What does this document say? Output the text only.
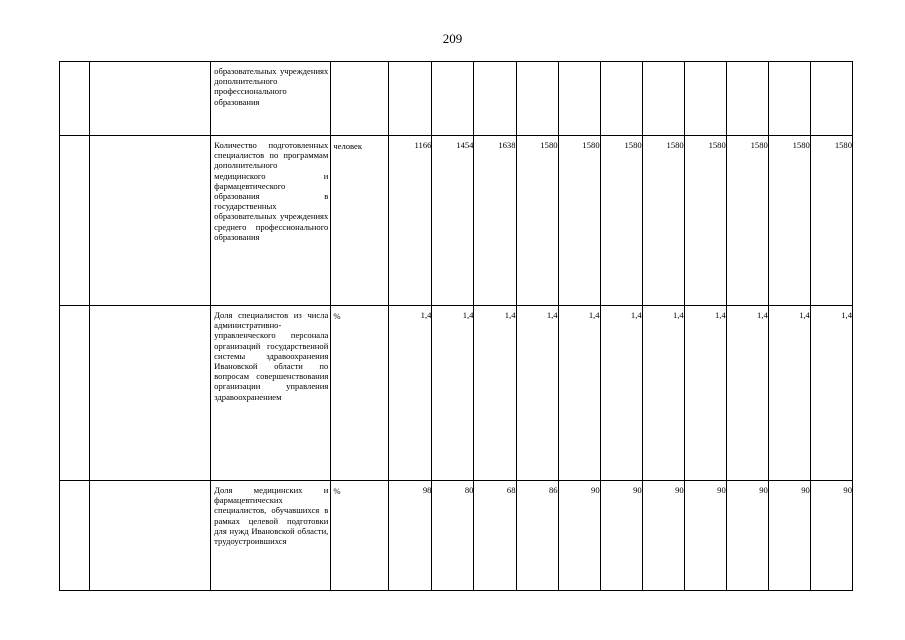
209

		образовательных учреждениях дополнительного профессионального образования												

		Количество подготовленных специалистов по программам дополнительного медицинского и фармацевтического образования в государственных образовательных учреждениях среднего профессионального образования	человек	1166	1454	1638	1580	1580	1580	1580	1580	1580	1580	1580

		Доля специалистов из числа административно-управленческого персонала организаций государственной системы здравоохранения Ивановской области по вопросам совершенствования организации управления здравоохранением	%	1,4	1,4	1,4	1,4	1,4	1,4	1,4	1,4	1,4	1,4	1,4

		Доля медицинских и фармацевтических специалистов, обучавшихся в рамках целевой подготовки для нужд Ивановской области, трудоустроившихся	%	98	80	68	86	90	90	90	90	90	90	90
